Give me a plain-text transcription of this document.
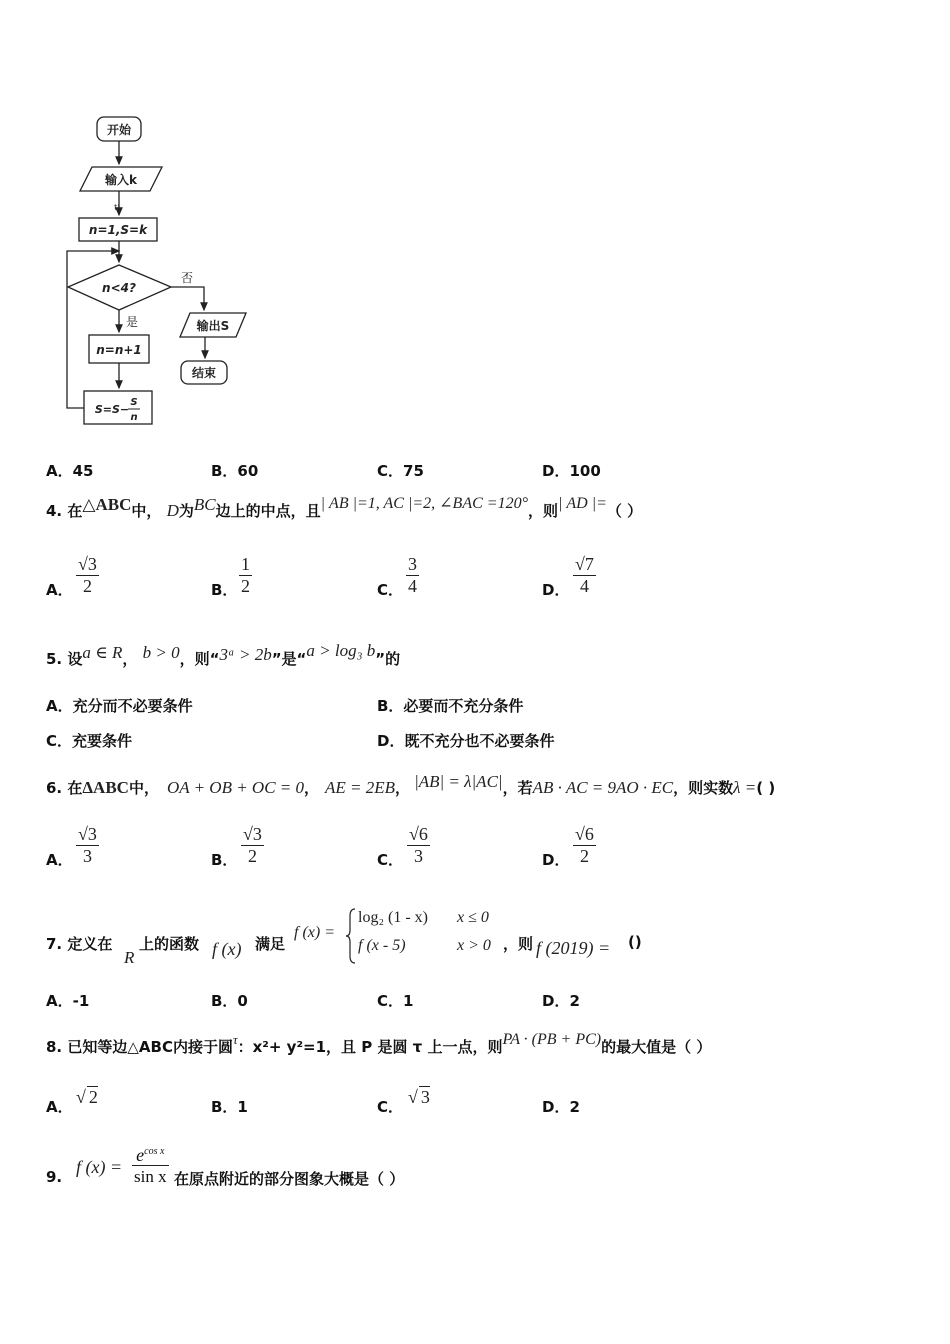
开始
输入k
t|
n=1,S=k
n<4?
否
是	输出S
结束
n=n+1
S=S−
S
n
A．45	B．60	C．75	D．100
4. 在△ABC中， D为BC边上的中点，且| AB |=1, AC |=2, ∠BAC =120°，则| AD |=（ ）
A． $\frac{√3}{2}$	B． $\frac{1}{2}$	C． $\frac{3}{4}$	D． $\frac{√7}{4}$
5. 设a ∈ R， b > 0，则“3ᵃ > 2b”是“a > log₃ b”的
A．充分而不必要条件	B．必要而不充分条件
C．充要条件	D．既不充分也不必要条件
6. 在ΔABC中， OA + OB + OC = 0， AE = 2EB， |AB| = λ|AC|，若AB · AC = 9AO · EC，则实数λ =( )
A． $\frac{√3}{3}$	B． $\frac{√3}{2}$	C． $\frac{√6}{3}$	D． $\frac{√6}{2}$
7. 定义在
R
上的函数 f (x) 满足
f (x) =
log₂ (1 - x) x ≤ 0
f (x - 5)	x > 0 ，则 f (2019) = ()
A．-1	B．0	C．1	D．2
8. 已知等边△ABC内接于圆τ：x²+ y²=1，且 P 是圆 τ 上一点，则PA · (PB + PC)的最大值是（ ）
A． √ 2	B．1	C． √ 3	D．2
9. f (x) =
$e^{cos x}$
sin x 在原点附近的部分图象大概是（ ）
